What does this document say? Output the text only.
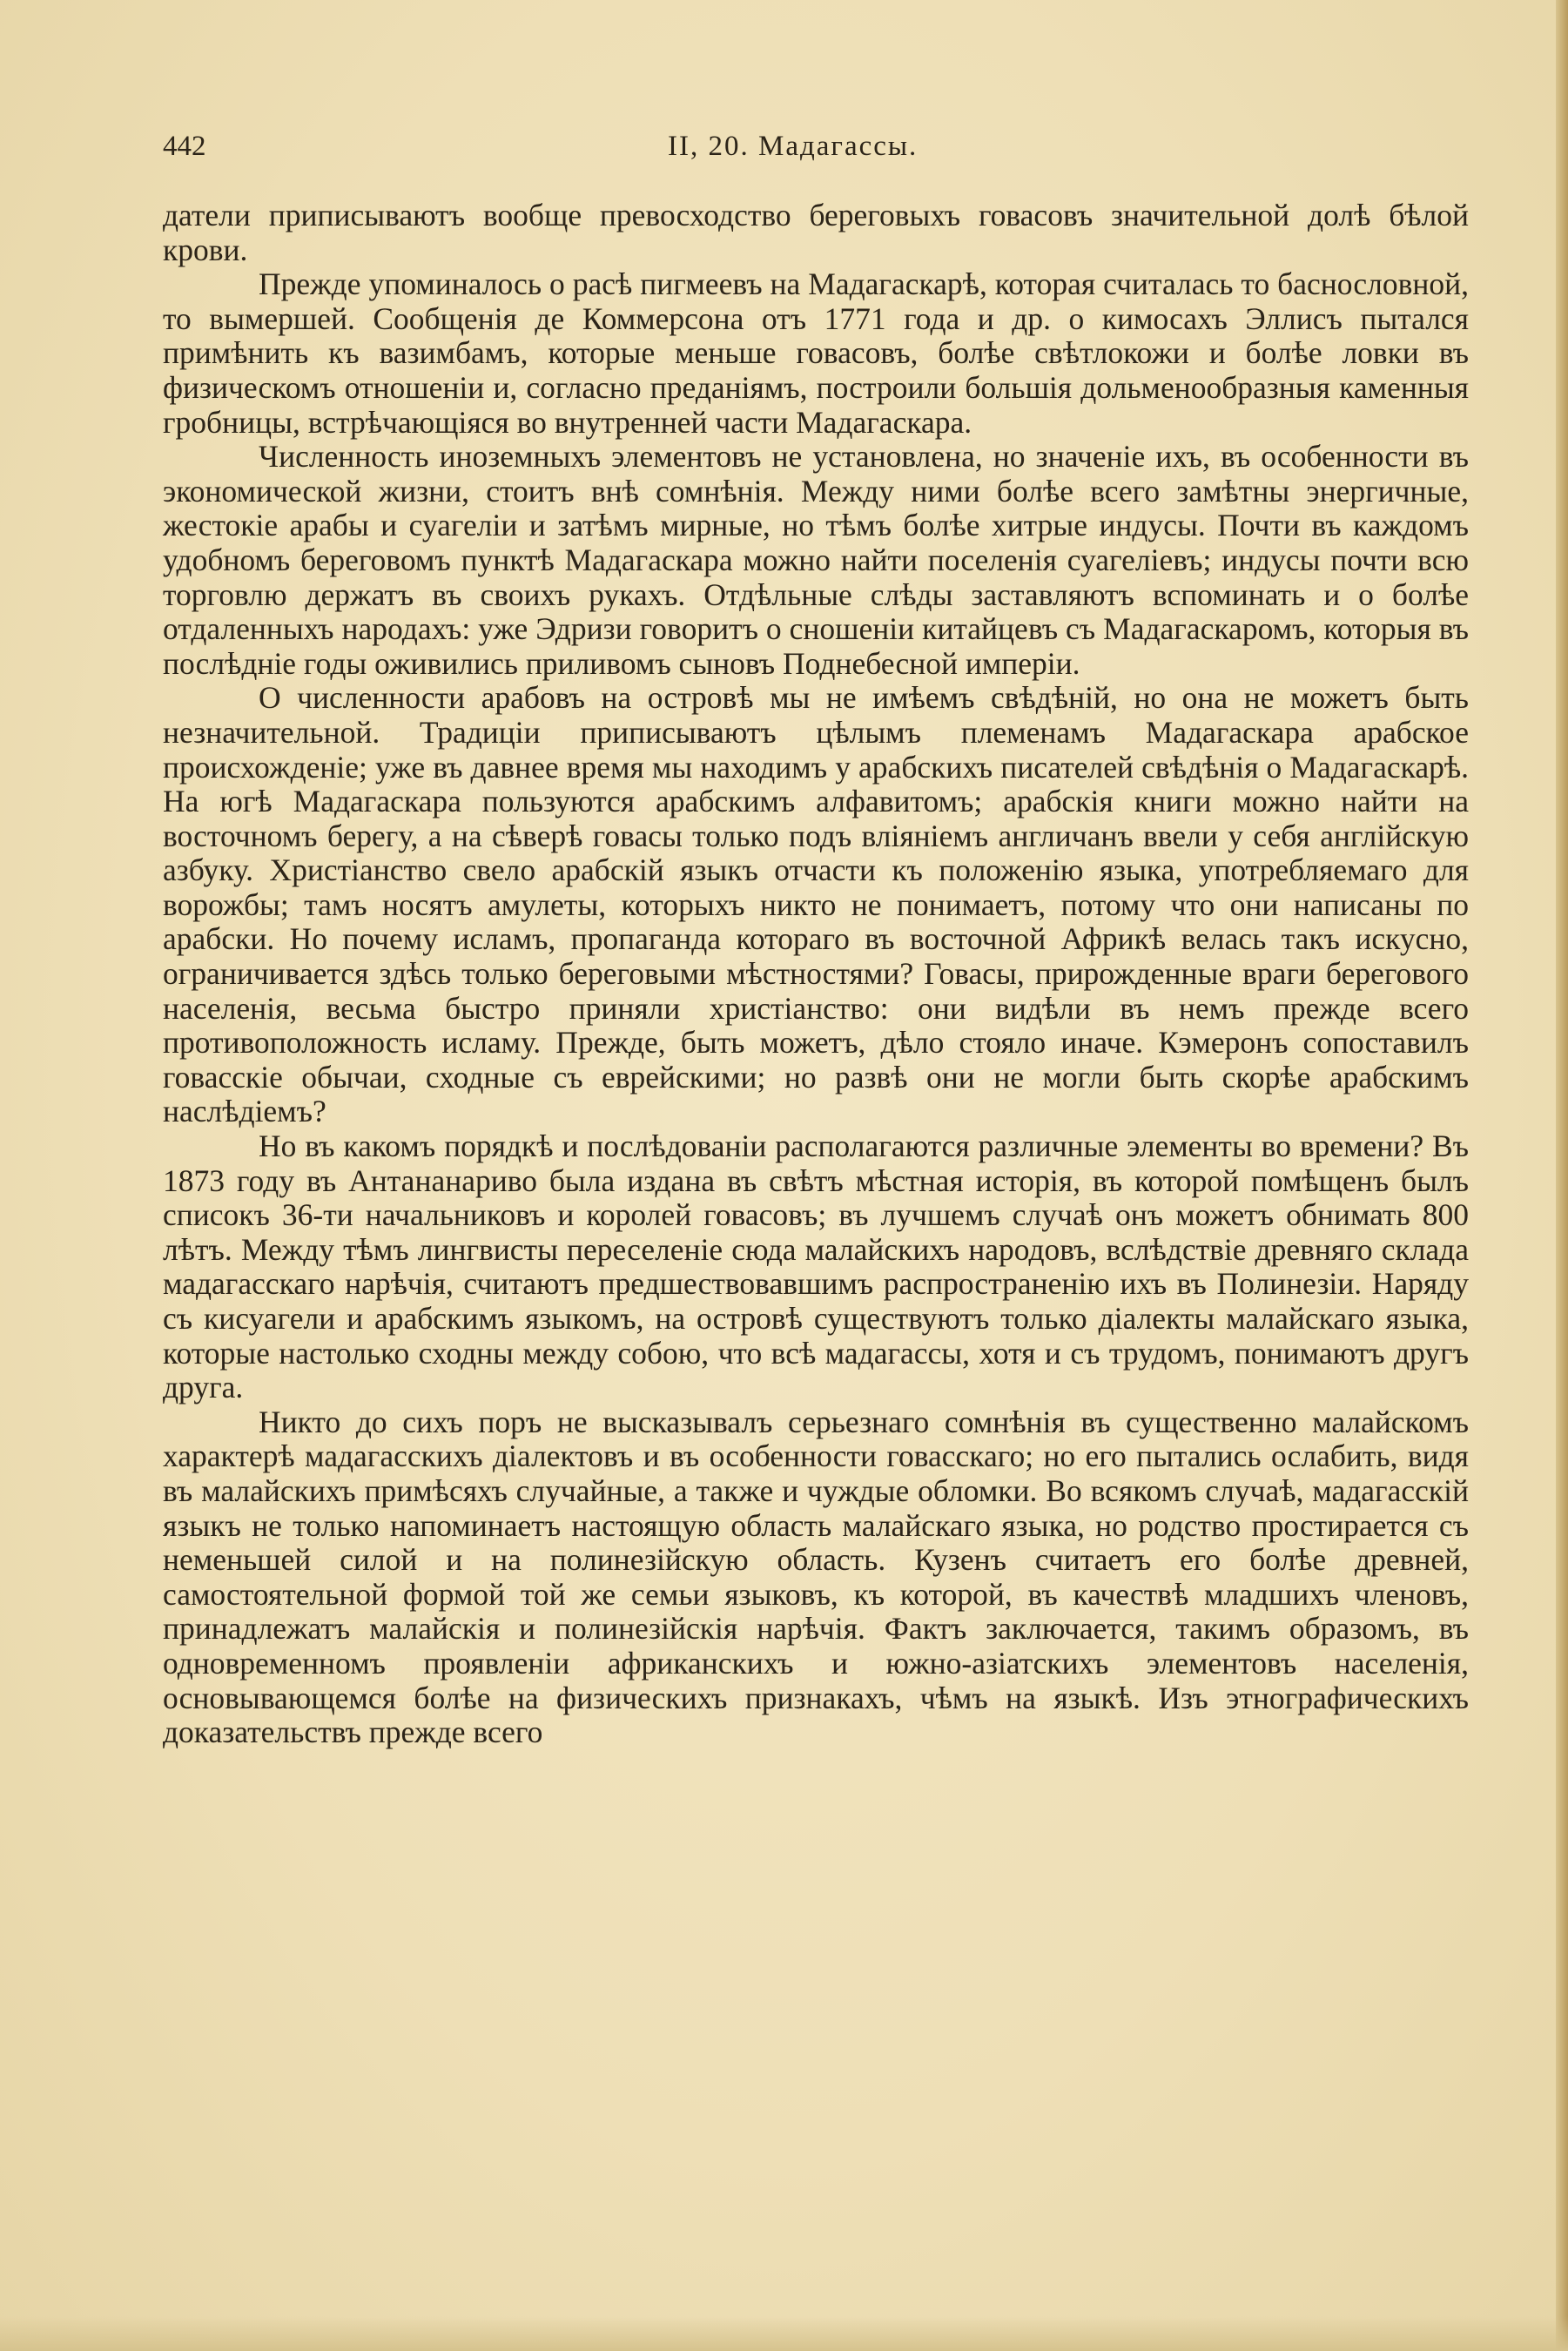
442	II, 20. Мадагассы.

датели приписываютъ вообще превосходство береговыхъ говасовъ значительной долѣ бѣлой крови.

Прежде упоминалось о расѣ пигмеевъ на Мадагаскарѣ, которая считалась то баснословной, то вымершей. Сообщенія де Коммерсона отъ 1771 года и др. о кимосахъ Эллисъ пытался примѣнить къ вазимбамъ, которые меньше говасовъ, болѣе свѣтлокожи и болѣе ловки въ физическомъ отношеніи и, согласно преданіямъ, построили большія дольменообразныя каменныя гробницы, встрѣчающіяся во внутренней части Мадагаскара.

Численность иноземныхъ элементовъ не установлена, но значеніе ихъ, въ особенности въ экономической жизни, стоитъ внѣ сомнѣнія. Между ними болѣе всего замѣтны энергичные, жестокіе арабы и суагеліи и затѣмъ мирные, но тѣмъ болѣе хитрые индусы. Почти въ каждомъ удобномъ береговомъ пунктѣ Мадагаскара можно найти поселенія суагеліевъ; индусы почти всю торговлю держатъ въ своихъ рукахъ. Отдѣльные слѣды заставляютъ вспоминать и о болѣе отдаленныхъ народахъ: уже Эдризи говоритъ о сношеніи китайцевъ съ Мадагаскаромъ, которыя въ послѣдніе годы оживились приливомъ сыновъ Поднебесной имперіи.

О численности арабовъ на островѣ мы не имѣемъ свѣдѣній, но она не можетъ быть незначительной. Традиціи приписываютъ цѣлымъ племенамъ Мадагаскара арабское происхожденіе; уже въ давнее время мы находимъ у арабскихъ писателей свѣдѣнія о Мадагаскарѣ. На югѣ Мадагаскара пользуются арабскимъ алфавитомъ; арабскія книги можно найти на восточномъ берегу, а на сѣверѣ говасы только подъ вліяніемъ англичанъ ввели у себя англійскую азбуку. Христіанство свело арабскій языкъ отчасти къ положенію языка, употребляемаго для ворожбы; тамъ носятъ амулеты, которыхъ никто не понимаетъ, потому что они написаны по арабски. Но почему исламъ, пропаганда котораго въ восточной Африкѣ велась такъ искусно, ограничивается здѣсь только береговыми мѣстностями? Говасы, прирожденные враги берегового населенія, весьма быстро приняли христіанство: они видѣли въ немъ прежде всего противоположность исламу. Прежде, быть можетъ, дѣло стояло иначе. Кэмеронъ сопоставилъ говасскіе обычаи, сходные съ еврейскими; но развѣ они не могли быть скорѣе арабскимъ наслѣдіемъ?

Но въ какомъ порядкѣ и послѣдованіи располагаются различные элементы во времени? Въ 1873 году въ Антананариво была издана въ свѣтъ мѣстная исторія, въ которой помѣщенъ былъ списокъ 36-ти начальниковъ и королей говасовъ; въ лучшемъ случаѣ онъ можетъ обнимать 800 лѣтъ. Между тѣмъ лингвисты переселеніе сюда малайскихъ народовъ, вслѣдствіе древняго склада мадагасскаго нарѣчія, считаютъ предшествовавшимъ распространенію ихъ въ Полинезіи. Наряду съ кисуагели и арабскимъ языкомъ, на островѣ существуютъ только діалекты малайскаго языка, которые настолько сходны между собою, что всѣ мадагассы, хотя и съ трудомъ, понимаютъ другъ друга.

Никто до сихъ поръ не высказывалъ серьезнаго сомнѣнія въ существенно малайскомъ характерѣ мадагасскихъ діалектовъ и въ особенности говасскаго; но его пытались ослабить, видя въ малайскихъ примѣсяхъ случайные, а также и чуждые обломки. Во всякомъ случаѣ, мадагасскій языкъ не только напоминаетъ настоящую область малайскаго языка, но родство простирается съ неменьшей силой и на полинезійскую область. Кузенъ считаетъ его болѣе древней, самостоятельной формой той же семьи языковъ, къ которой, въ качествѣ младшихъ членовъ, принадлежатъ малайскія и полинезійскія нарѣчія. Фактъ заключается, такимъ образомъ, въ одновременномъ проявленіи африканскихъ и южно-азіатскихъ элементовъ населенія, основывающемся болѣе на физическихъ признакахъ, чѣмъ на языкѣ. Изъ этнографическихъ доказательствъ прежде всего
